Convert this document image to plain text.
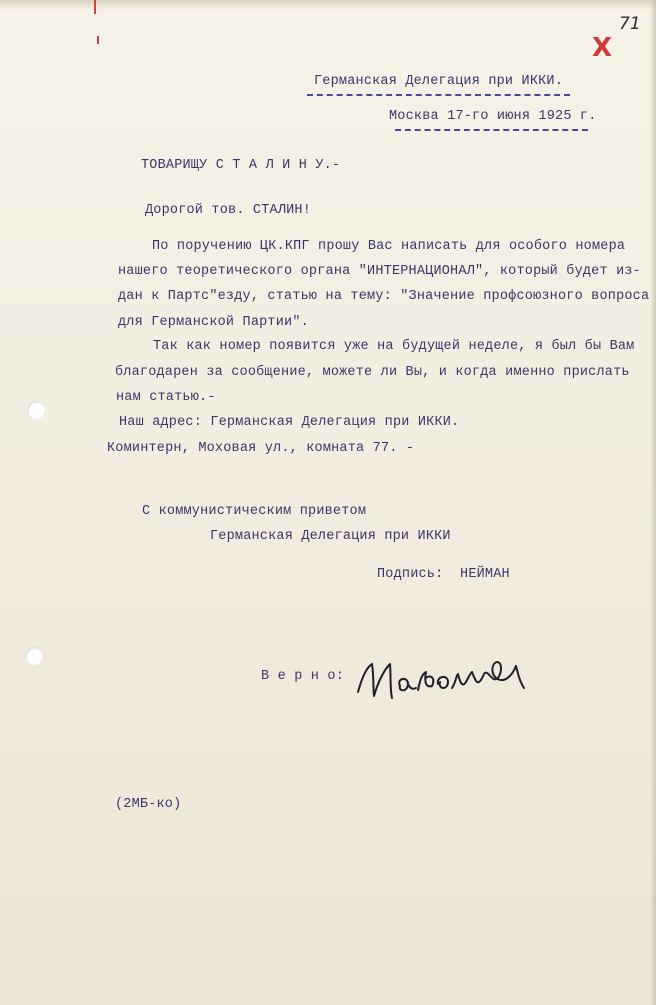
71
X
Германская Делегация при ИККИ.
Москва 17-го июня 1925 г.
ТОВАРИЩУ С Т А Л И Н У.-
Дорогой тов. СТАЛИН!
По поручению ЦК.КПГ прошу Вас написать для особого номера
нашего теоретического органа "ИНТЕРНАЦИОНАЛ", который будет из-
дан к Партс"езду, статью на тему: "Значение профсоюзного вопроса
для Германской Партии".
Так как номер появится уже на будущей неделе, я был бы Вам
благодарен за сообщение, можете ли Вы, и когда именно прислать
нам статью.-
Наш адрес: Германская Делегация при ИККИ.
Коминтерн, Моховая ул., комната 77. -
С коммунистическим приветом
Германская Делегация при ИККИ
Подпись:  НЕЙМАН
В е р н о:
(2МБ-ко)
